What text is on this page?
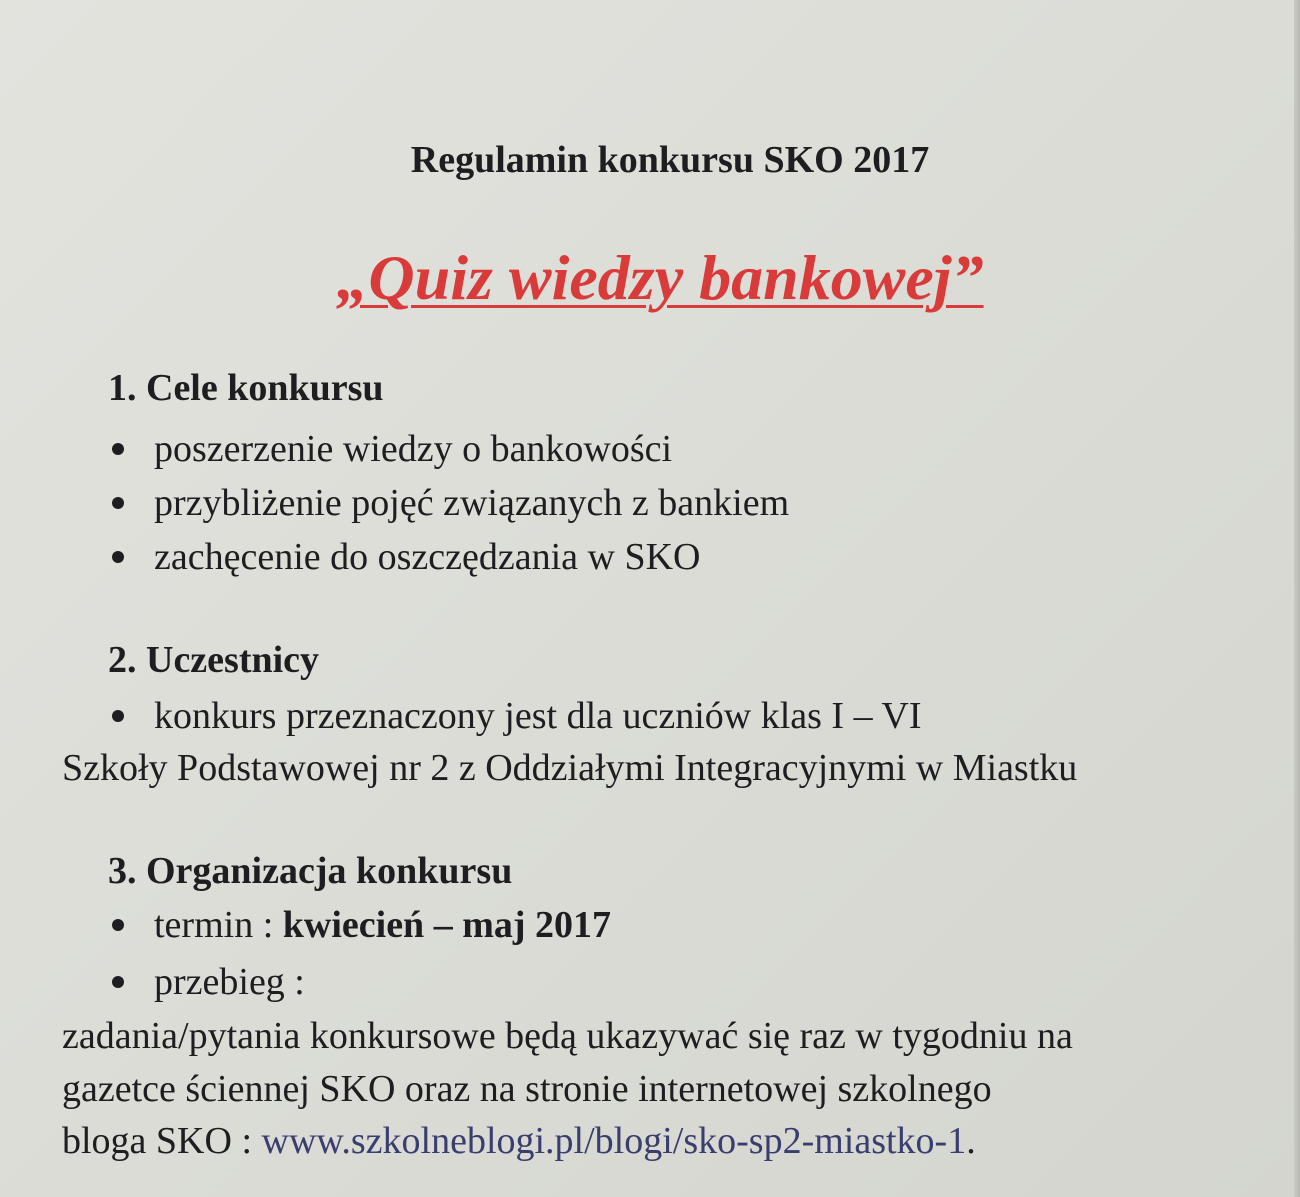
Regulamin konkursu SKO 2017
„Quiz wiedzy bankowej”
1. Cele konkursu
poszerzenie wiedzy o bankowości
przybliżenie pojęć związanych z bankiem
zachęcenie do oszczędzania w SKO
2. Uczestnicy
konkurs przeznaczony jest dla uczniów klas I – VI
Szkoły Podstawowej nr 2 z Oddziałymi Integracyjnymi w Miastku
3. Organizacja konkursu
termin : kwiecień – maj 2017
przebieg :
zadania/pytania konkursowe będą ukazywać się raz w tygodniu na
gazetce ściennej SKO oraz na stronie internetowej szkolnego
bloga SKO : www.szkolneblogi.pl/blogi/sko-sp2-miastko-1.
